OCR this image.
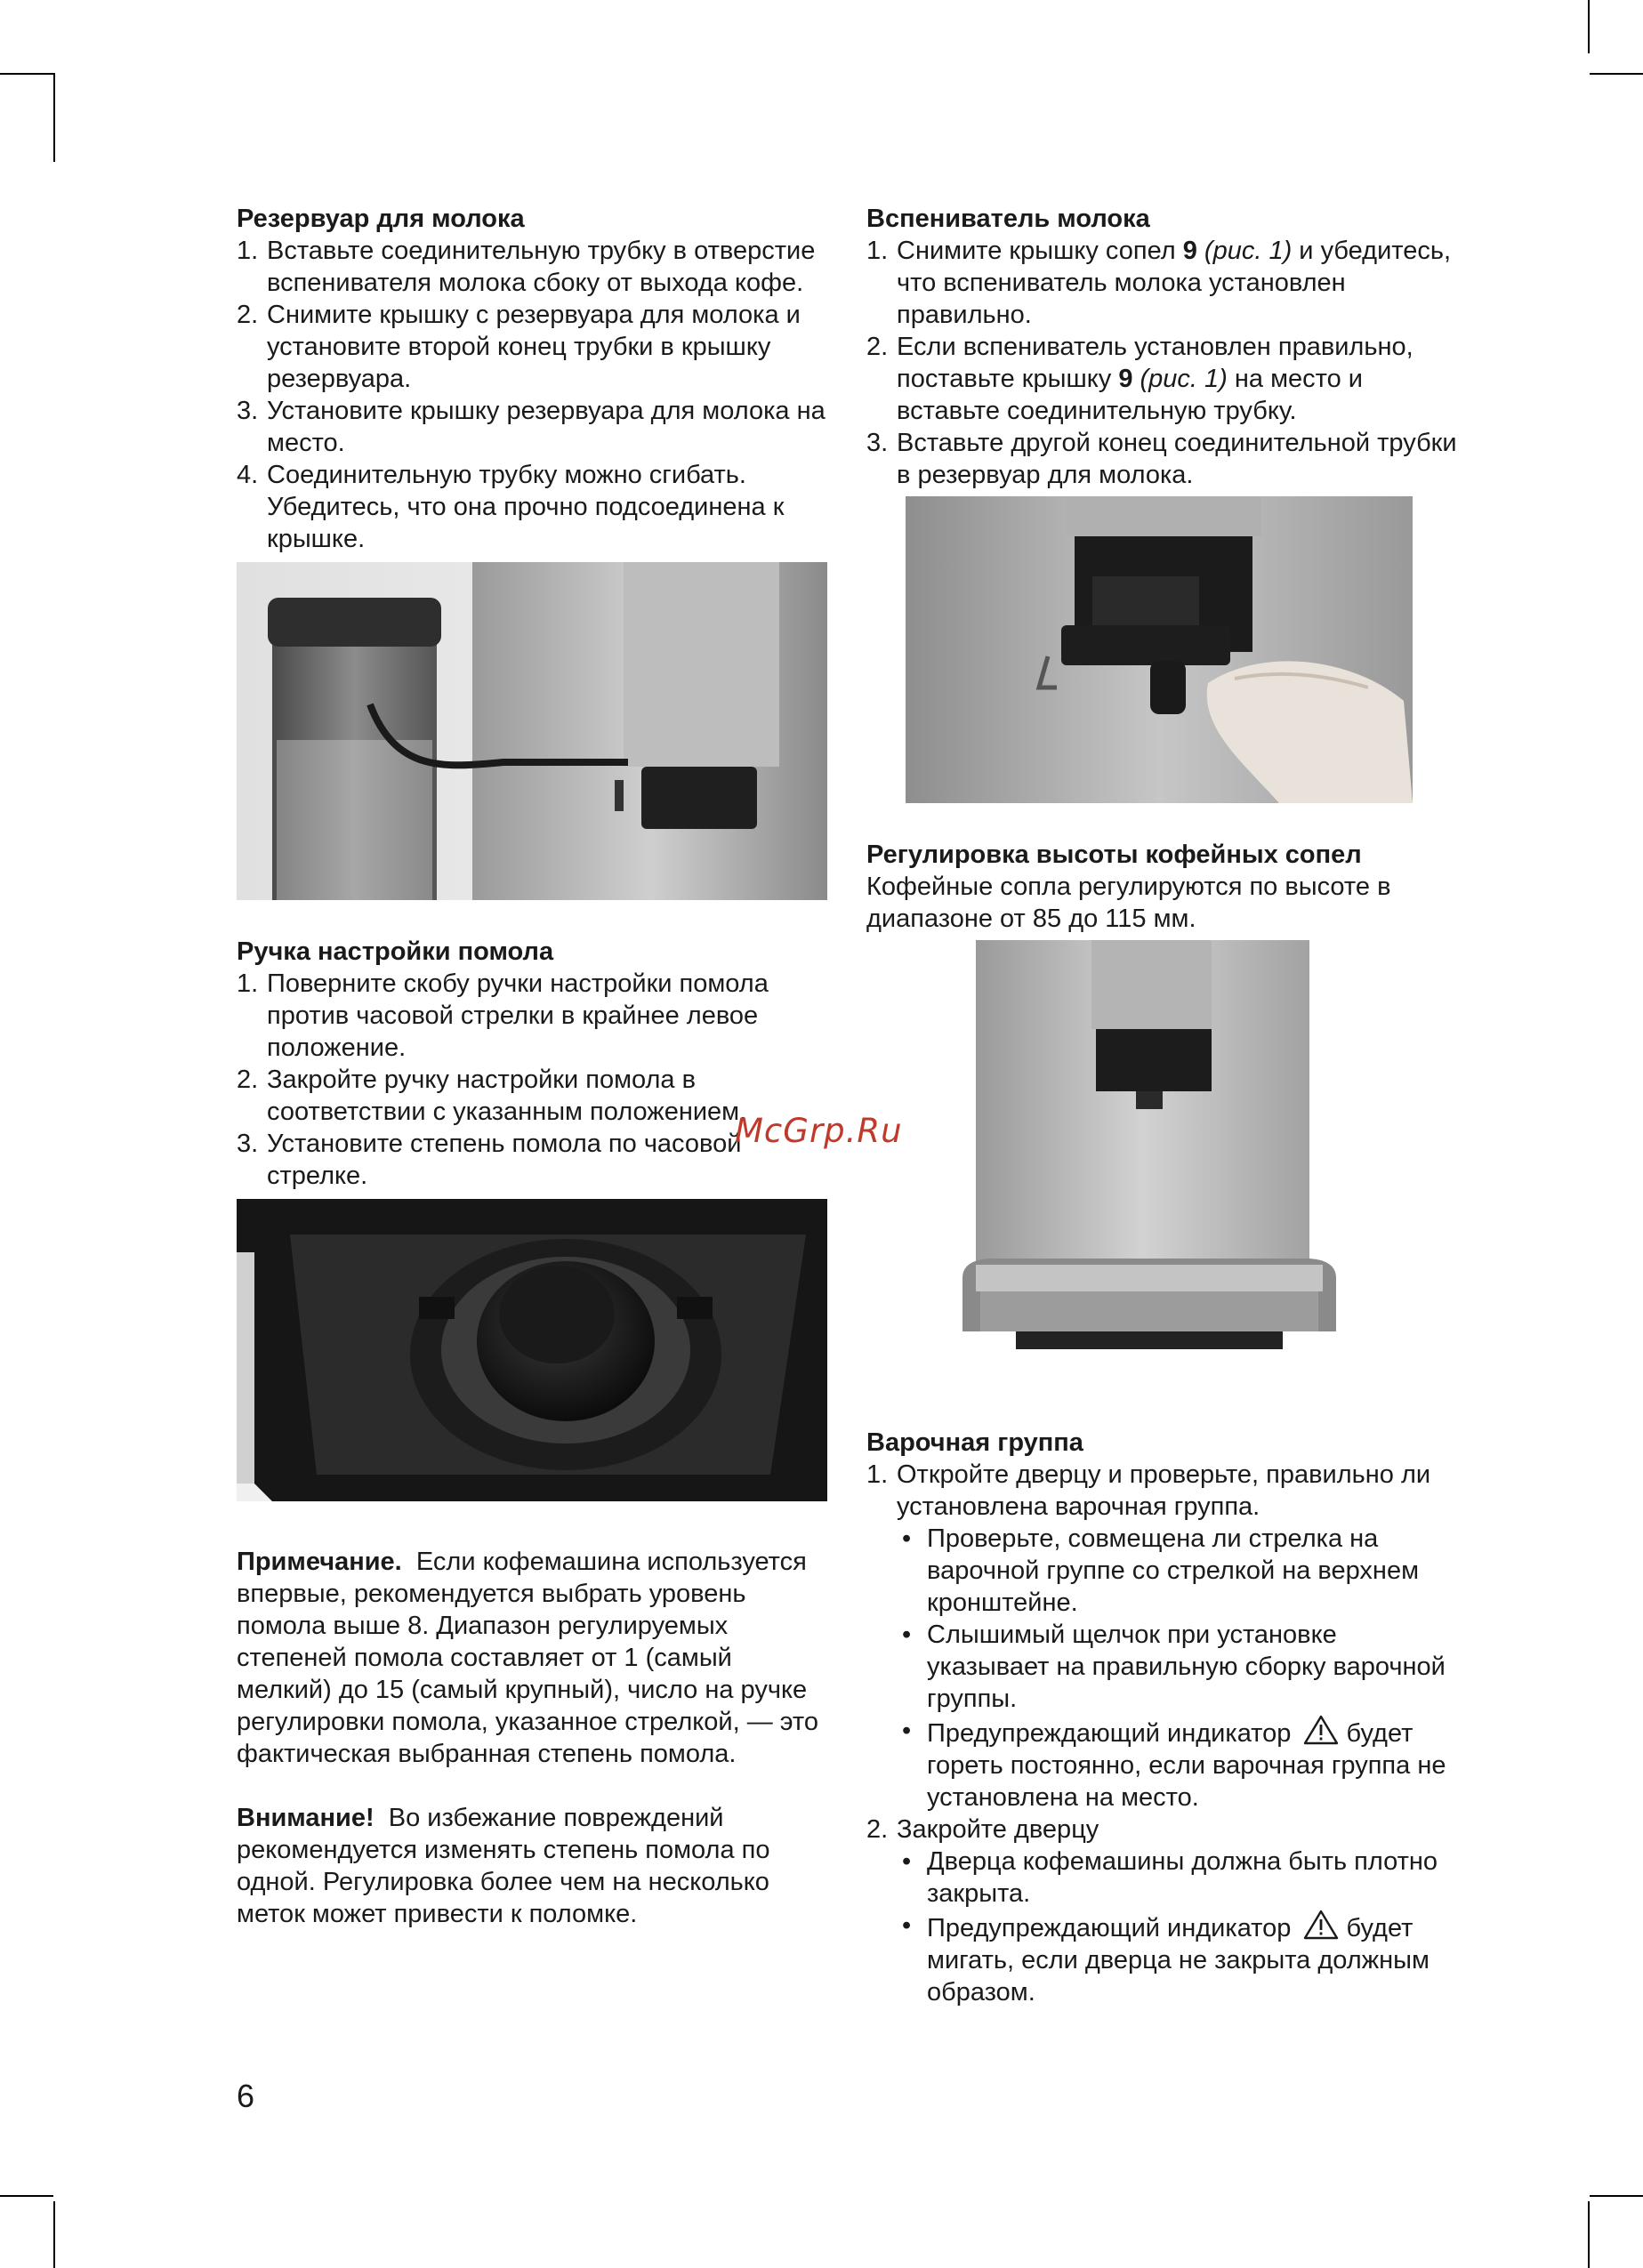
Резервуар для молока
1. Вставьте соединительную трубку в отверстие вспенивателя молока сбоку от выхода кофе.
2. Снимите крышку с резервуара для молока и установите второй конец трубки в крышку резервуара.
3. Установите крышку резервуара для молока на место.
4. Соединительную трубку можно сгибать. Убедитесь, что она прочно подсоединена к крышке.
Ручка настройки помола
1. Поверните скобу ручки настройки помола против часовой стрелки в крайнее левое положение.
2. Закройте ручку настройки помола в соответствии с указанным положением.
3. Установите степень помола по часовой стрелке.

Примечание. Если кофемашина используется впервые, рекомендуется выбрать уровень помола выше 8. Диапазон регулируемых степеней помола составляет от 1 (самый мелкий) до 15 (самый крупный), число на ручке регулировки помола, указанное стрелкой, — это фактическая выбранная степень помола.

Внимание! Во избежание повреждений рекомендуется изменять степень помола по одной. Регулировка более чем на несколько меток может привести к поломке.

Вспениватель молока
1. Снимите крышку сопел 9 (рис. 1) и убедитесь, что вспениватель молока установлен правильно.
2. Если вспениватель установлен правильно, поставьте крышку 9 (рис. 1) на место и вставьте соединительную трубку.
3. Вставьте другой конец соединительной трубки в резервуар для молока.
Регулировка высоты кофейных сопел

Кофейные сопла регулируются по высоте в диапазоне от 85 до 115 мм.

Варочная группа
1. Откройте дверцу и проверьте, правильно ли установлена варочная группа.
• Проверьте, совмещена ли стрелка на варочной группе со стрелкой на верхнем кронштейне.
• Слышимый щелчок при установке указывает на правильную сборку варочной группы.
• Предупреждающий индикатор будет гореть постоянно, если варочная группа не установлена на место.
2. Закройте дверцу
• Дверца кофемашины должна быть плотно закрыта.
• Предупреждающий индикатор будет мигать, если дверца не закрыта должным образом.
McGrp.Ru
6
